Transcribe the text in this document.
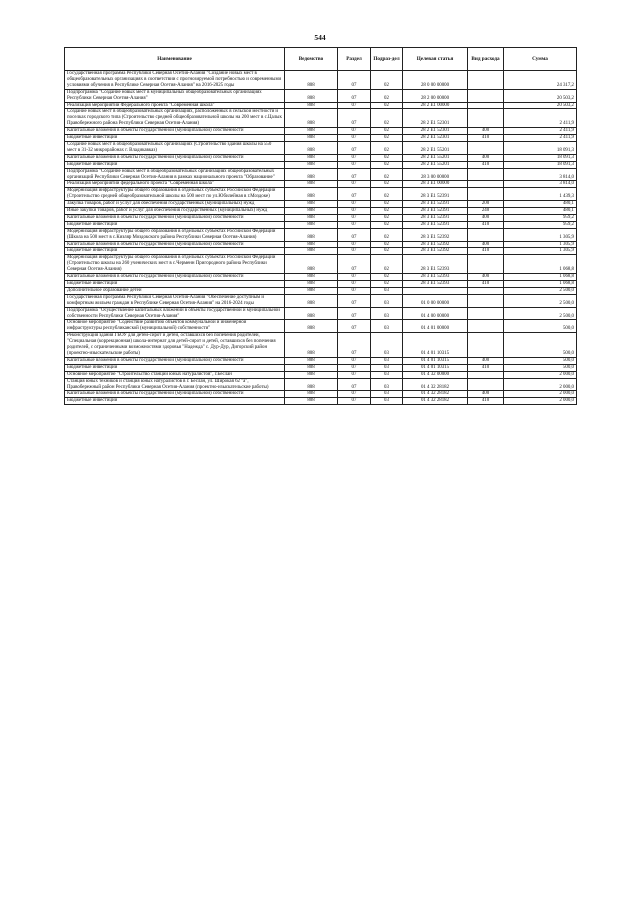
544
Наименование	Ведомство	Раздел	Подраз-дел	Целевая статья	Вид расхода	Сумма
Государственная программа Республики Северная Осетия-Алания "Создание новых мест в общеобразовательных организациях в соответствии с прогнозируемой потребностью и современными условиями обучения в Республике Северная Осетия-Алания" на 2016-2025 годы	808	07	02	28 0 00 00000		24 317,2
Подпрограмма "Создание новых мест в муниципальных общеобразовательных организациях Республики Северная Осетия-Алания"	808	07	02	28 2 00 00000		20 503,2
Реализация мероприятий Федерального проекта "Современная школа"	808	07	02	28 2 E1 00000		20 503,2
Создание новых мест в общеобразовательных организациях, расположенных в сельской местности и поселках городского типа (Строительство средней общеобразовательной школы на 200 мест в с.Цалык Правобережного района Республики Северная Осетия-Алания)	808	07	02	28 2 E1 52301		2 411,9
Капитальные вложения в объекты государственной (муниципальной) собственности	808	07	02	28 2 E1 52301	400	2 411,9
Бюджетные инвестиции	808	07	02	28 2 E1 52301	410	2 411,9
Создание новых мест в общеобразовательных организациях (Строительство здания школы на 550 мест в 31-32 микрорайонах г. Владикавказ)	808	07	02	28 2 E1 55201		18 091,3
Капитальные вложения в объекты государственной (муниципальной) собственности	808	07	02	28 2 E1 55201	400	18 091,3
Бюджетные инвестиции	808	07	02	28 2 E1 55201	410	18 091,3
Подпрограмма "Создание новых мест в общеобразовательных организациях общеобразовательных организаций Республики Северная Осетия-Алания в рамках национального проекта "Образование"	808	07	02	28 3 00 00000		3 814,0
Реализация мероприятий федерального проекта "Современная школа"	808	07	02	28 3 E1 00000		3 814,0
Модернизация инфраструктуры общего образования в отдельных субъектах Российской Федерации (Строительство средней общеобразовательной школы на 500 мест по ул.Юбилейная в г.Моздоке)	808	07	02	28 3 E1 52391		1 439,3
Закупка товаров, работ и услуг для обеспечения государственных (муниципальных) нужд	808	07	02	28 3 E1 52391	200	480,1
Иные закупки товаров, работ и услуг для обеспечения государственных (муниципальных) нужд	808	07	02	28 3 E1 52391	240	480,1
Капитальные вложения в объекты государственной (муниципальной) собственности	808	07	02	28 3 E1 52391	400	959,2
Бюджетные инвестиции	808	07	02	28 3 E1 52391	410	959,2
Модернизация инфраструктуры общего образования в отдельных субъектах Российской Федерации (Школа на 500 мест в с.Кизляр Моздокского района Республики Северная Осетия-Алания)	808	07	02	28 3 E1 52392		1 305,9
Капитальные вложения в объекты государственной (муниципальной) собственности	808	07	02	28 3 E1 52392	400	1 305,9
Бюджетные инвестиции	808	07	02	28 3 E1 52392	410	1 305,9
Модернизация инфраструктуры общего образования в отдельных субъектах Российской Федерации (Строительство школы на 260 ученических мест в с.Черменн Пригородного района Республики Северная Осетия-Алания)	808	07	02	28 3 E1 52393		1 068,8
Капитальные вложения в объекты государственной (муниципальной) собственности	808	07	02	28 3 E1 52393	400	1 068,8
Бюджетные инвестиции	808	07	02	28 3 E1 52393	410	1 068,8
Дополнительное образование детей	808	07	03			2 500,0
Государственная программа Республики Северная Осетия-Алания "Обеспечение доступным и комфортным жильем граждан в Республике Северная Осетия-Алания" на 2016-2024 годы	808	07	03	01 0 00 00000		2 500,0
Подпрограмма "Осуществление капитальных вложений в объекты государственной и муниципальной собственности Республики Северная Осетия-Алания"	808	07	03	01 4 00 00000		2 500,0
Основное мероприятие "Содействие развитию объектов коммунальной и инженерной инфраструктуры республиканской (муниципальной) собственности"	808	07	03	01 4 01 00000		500,0
Реконструкция здания ГБОУ для детей-сирот и детей, оставшихся без попечения родителей, "Специальная (коррекционная) школа-интернат для детей-сирот и детей, оставшихся без попечения родителей, с ограниченными возможностями здоровья "Надежда" с. Дур-Дур, Дигорский район (проектно-изыскательские работы)	808	07	03	01 4 01 10315		500,0
Капитальные вложения в объекты государственной (муниципальной) собственности	808	07	03	01 4 01 10315	400	500,0
Бюджетные инвестиции	808	07	03	01 4 01 10315	410	500,0
Основное мероприятие "Строительство станции юных натуралистов", г.Беслан	808	07	03	01 4 32 00000		2 000,0
Станция юных техников и станция юных натуралистов в г. Беслан, ул. Широкая 62 "а", Правобережный район Республики Северная Осетия-Алания (проектно-изыскательские работы)	808	07	03	01 4 32 28182		2 000,0
Капитальные вложения в объекты государственной (муниципальной) собственности	808	07	03	01 4 32 28182	400	2 000,0
Бюджетные инвестиции	808	07	03	01 4 32 28182	410	2 000,0
